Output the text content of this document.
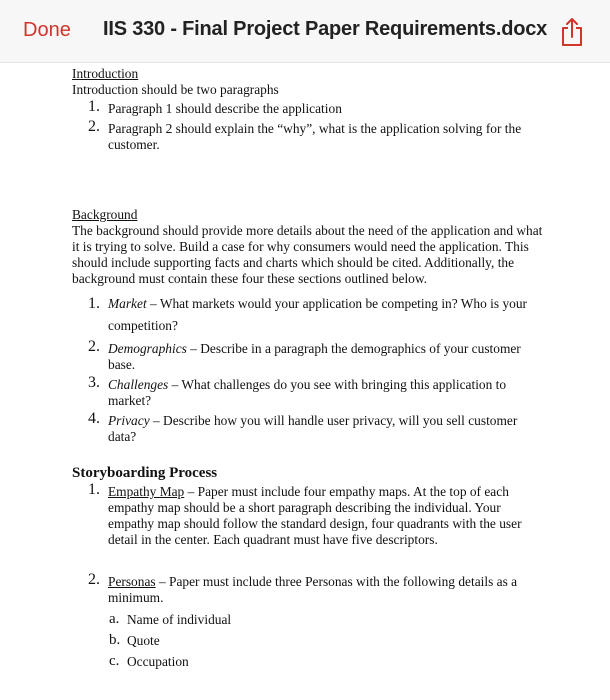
Done IIS 330 - Final Project Paper Requirements.docx
Introduction
Introduction should be two paragraphs
1. Paragraph 1 should describe the application
2. Paragraph 2 should explain the “why”, what is the application solving for the customer.
Background
The background should provide more details about the need of the application and what it is trying to solve. Build a case for why consumers would need the application. This should include supporting facts and charts which should be cited. Additionally, the background must contain these four these sections outlined below.
1. Market – What markets would your application be competing in? Who is your competition?
2. Demographics – Describe in a paragraph the demographics of your customer base.
3. Challenges – What challenges do you see with bringing this application to market?
4. Privacy – Describe how you will handle user privacy, will you sell customer data?
Storyboarding Process
1. Empathy Map – Paper must include four empathy maps. At the top of each empathy map should be a short paragraph describing the individual. Your empathy map should follow the standard design, four quadrants with the user detail in the center. Each quadrant must have five descriptors.
2. Personas – Paper must include three Personas with the following details as a minimum.
a. Name of individual
b. Quote
c. Occupation
